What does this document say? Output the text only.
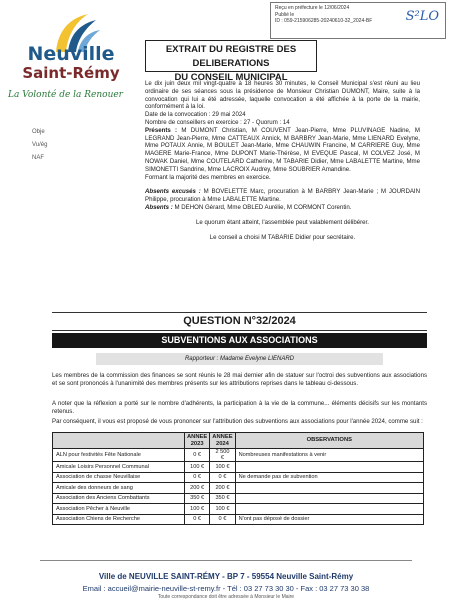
Reçu en préfecture le 12/06/2024
Publié le
ID : 059-215906285-20240610-32_2024-BF	S²LO
Neuville
Saint-Rémy
La Volonté de la Renouer
Obje
Vu/ég
NAF
EXTRAIT DU REGISTRE DES DELIBERATIONS
DU CONSEIL MUNICIPAL

Le dix juin deux mil vingt-quatre à 18 heures 30 minutes, le Conseil Municipal s'est réuni au lieu ordinaire de ses séances sous la présidence de Monsieur Christian DUMONT, Maire, suite à la convocation qui lui a été adressée, laquelle convocation a été affichée à la porte de la mairie, conformément à la loi.

Date de la convocation : 29 mai 2024

Nombre de conseillers en exercice : 27 - Quorum : 14

Présents : M DUMONT Christian, M COUVENT Jean-Pierre, Mme PLUVINAGE Nadine, M LEGRAND Jean-Pierre, Mme CATTEAUX Annick, M BARBRY Jean-Marie, Mme LIENARD Evelyne, Mme POTAUX Annie, M BOULET Jean-Marie, Mme CHAUWIN Francine, M CARRIERE Guy, Mme MAGERE Marie-France, Mme DUPONT Marie-Thérèse, M EVEQUE Pascal, M COLVEZ José, M NOWAK Daniel, Mme COUTELARD Catherine, M TABARIE Didier, Mme LABALETTE Martine, Mme SIMONETTI Sandrine, Mme LACROIX Audrey, Mme SOUBRIER Amandine.

Formant la majorité des membres en exercice.

Absents excusés : M BOVELETTE Marc, procuration à M BARBRY Jean-Marie ; M JOURDAIN Philippe, procuration à Mme LABALETTE Martine.

Absents : M DEHON Gérard, Mme OBLED Aurélie, M CORMONT Corentin.

Le quorum étant atteint, l'assemblée peut valablement délibérer.

Le conseil a choisi M TABARIE Didier pour secrétaire.

QUESTION N°32/2024
SUBVENTIONS AUX ASSOCIATIONS
Rapporteur : Madame Evelyne LIENARD

Les membres de la commission des finances se sont réunis le 28 mai dernier afin de statuer sur l'octroi des subventions aux associations et se sont prononcés à l'unanimité des membres présents sur les attributions reprises dans le tableau ci-dessous.

A noter que la réflexion a porté sur le nombre d'adhérents, la participation à la vie de la commune... éléments décisifs sur les montants retenus.

Par conséquent, il vous est proposé de vous prononcer sur l'attribution des subventions aux associations pour l'année 2024, comme suit :

	ANNEE 2023	ANNEE 2024	OBSERVATIONS
ALN pour festivités Fête Nationale	0 €	2 500 €	Nombreuses manifestations à venir
Amicale Loisirs Personnel Communal	100 €	100 €	
Association de chasse Neuvillaise	0 €	0 €	Ne demande pas de subvention
Amicale des donneurs de sang	200 €	200 €	
Association des Anciens Combattants	350 €	350 €	
Association Pêcher à Neuville	100 €	100 €	
Association Chiens de Recherche	0 €	0 €	N'ont pas déposé de dossier
Ville de NEUVILLE SAINT-RÉMY - BP 7 - 59554 Neuville Saint-Rémy
Email : accueil@mairie-neuville-st-remy.fr - Tél : 03 27 73 30 30 - Fax : 03 27 73 30 38
Toute correspondance doit être adressée à Monsieur le Maire
